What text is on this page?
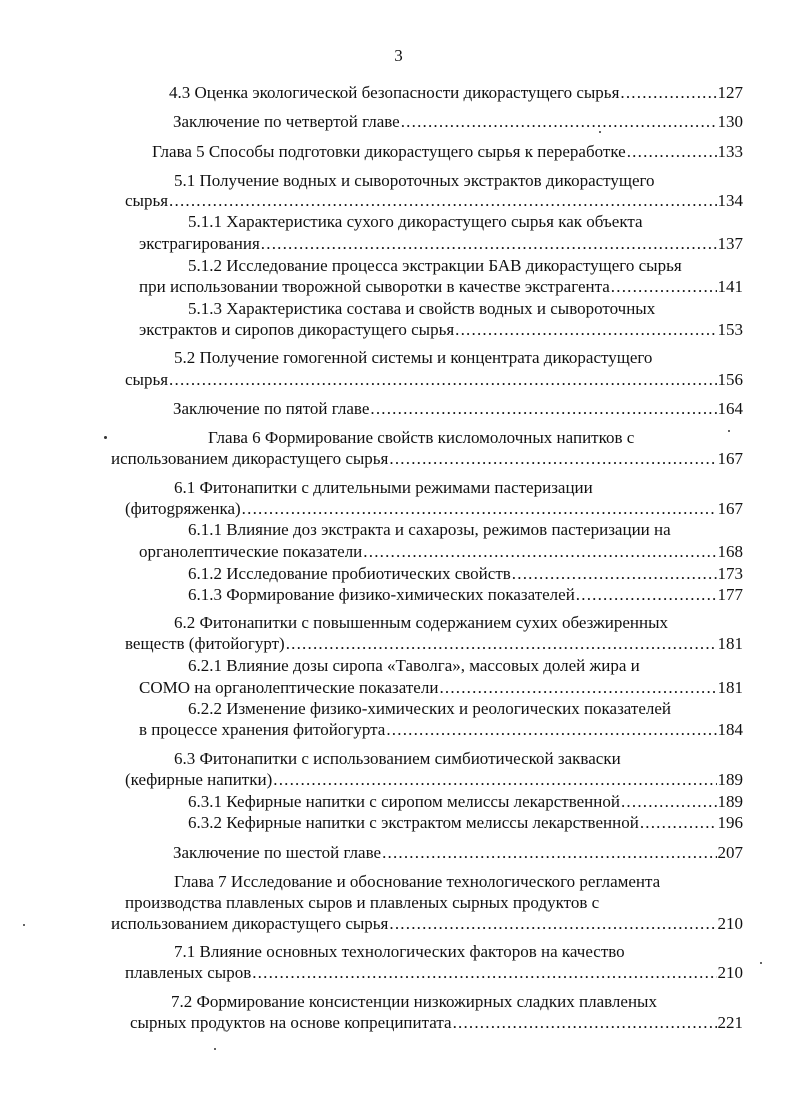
3
4.3 Оценка экологической безопасности дикорастущего сырья .....	127
Заключение по четвертой главе .....	130
Глава 5 Способы подготовки дикорастущего сырья к переработке .....	133
5.1 Получение водных и сывороточных экстрактов дикорастущего
сырья .....	134
5.1.1 Характеристика сухого дикорастущего сырья как объекта
экстрагирования .....	137
5.1.2 Исследование процесса экстракции БАВ дикорастущего сырья
при использовании творожной сыворотки в качестве экстрагента .....	141
5.1.3 Характеристика состава и свойств водных и сывороточных
экстрактов и сиропов дикорастущего сырья .....	153
5.2 Получение гомогенной системы и концентрата дикорастущего
сырья .....	156
Заключение по пятой главе .....	164
Глава 6 Формирование свойств кисломолочных напитков с
использованием дикорастущего сырья .....	167
6.1 Фитонапитки с длительными режимами пастеризации
(фитоgряженка) .....	167
6.1.1 Влияние доз экстракта и сахарозы, режимов пастеризации на
органолептические показатели .....	168
6.1.2 Исследование пробиотических свойств .....	173
6.1.3 Формирование физико-химических показателей .....	177
6.2 Фитонапитки с повышенным содержанием сухих обезжиренных
веществ (фитойогурт) .....	181
6.2.1 Влияние дозы сиропа «Таволга», массовых долей жира и
СОМО на органолептические показатели .....	181
6.2.2 Изменение физико-химических и реологических показателей
в процессе хранения фитойогурта .....	184
6.3 Фитонапитки с использованием симбиотической закваски
(кефирные напитки) .....	189
6.3.1 Кефирные напитки с сиропом мелиссы лекарственной .....	189
6.3.2 Кефирные напитки с экстрактом мелиссы лекарственной .....	196
Заключение по шестой главе .....	207
Глава 7 Исследование и обоснование технологического регламента
производства плавленых сыров и плавленых сырных продуктов с
использованием дикорастущего сырья .....	210
7.1 Влияние основных технологических факторов на качество
плавленых сыров .....	210
7.2 Формирование консистенции низкожирных сладких плавленых
сырных продуктов на основе копреципитата .....	221
